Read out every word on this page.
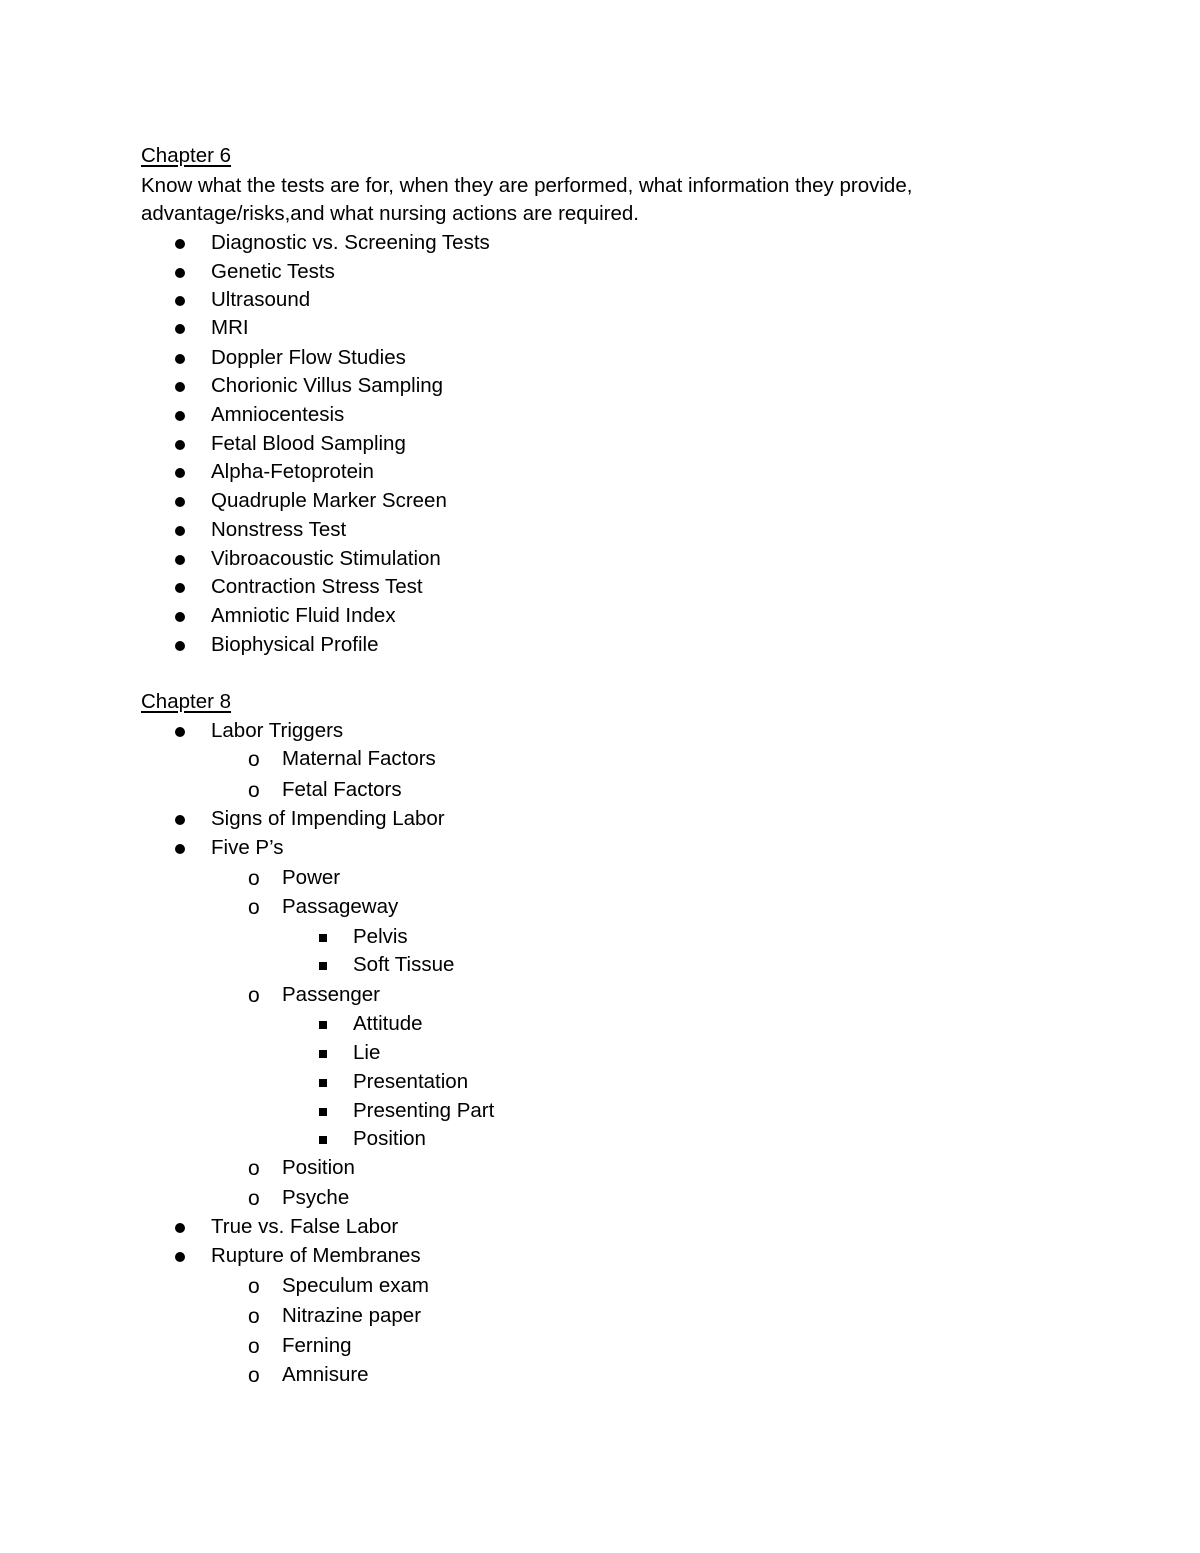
Chapter 6
Know what the tests are for, when they are performed, what information they provide,
advantage/risks,and what nursing actions are required.
Diagnostic vs. Screening Tests
Genetic Tests
Ultrasound
MRI
Doppler Flow Studies
Chorionic Villus Sampling
Amniocentesis
Fetal Blood Sampling
Alpha-Fetoprotein
Quadruple Marker Screen
Nonstress Test
Vibroacoustic Stimulation
Contraction Stress Test
Amniotic Fluid Index
Biophysical Profile
Chapter 8
Labor Triggers
o Maternal Factors
o Fetal Factors
Signs of Impending Labor
Five P’s
o Power
o Passageway
Pelvis
Soft Tissue
o Passenger
Attitude
Lie
Presentation
Presenting Part
Position
o Position
o Psyche
True vs. False Labor
Rupture of Membranes
o Speculum exam
o Nitrazine paper
o Ferning
o Amnisure
